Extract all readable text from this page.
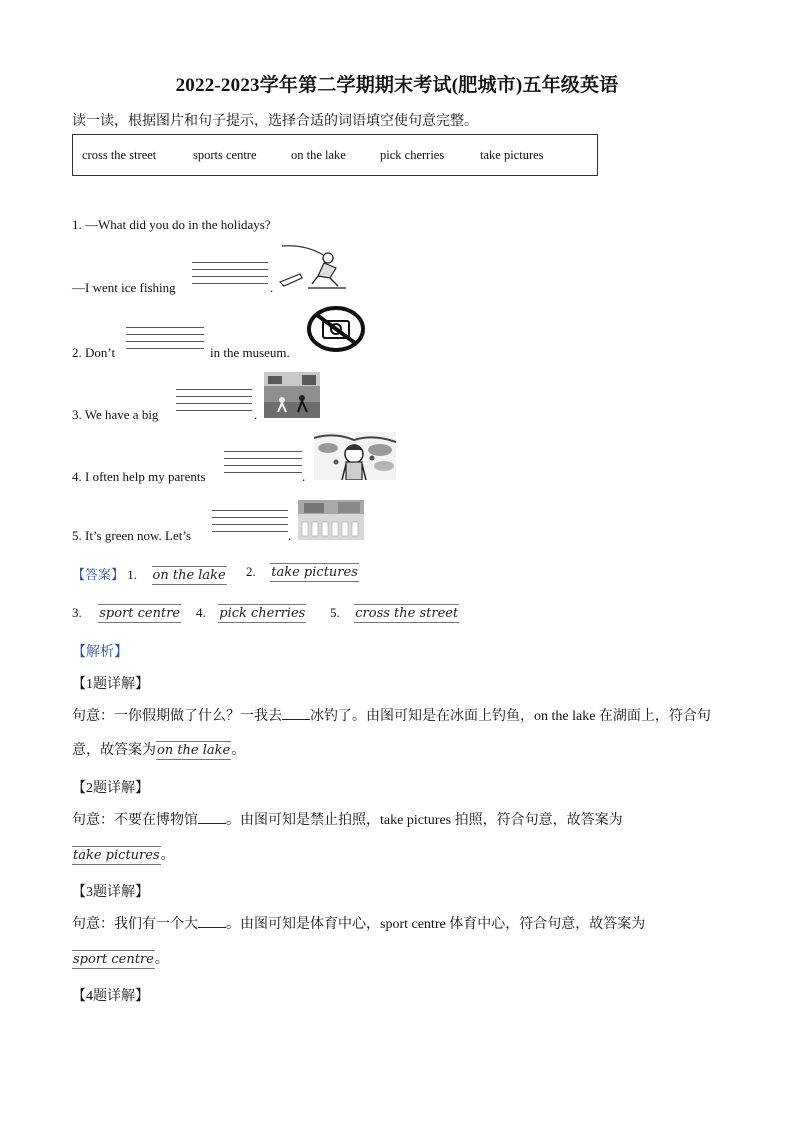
2022-2023学年第二学期期末考试(肥城市)五年级英语
读一读，根据图片和句子提示，选择合适的词语填空使句意完整。
cross the street	sports centre	on the lake	pick cherries	take pictures
1. —What did you do in the holidays?
—I went ice fishing	.
2. Don’t	in the museum.
3. We have a big	.
4. I often help my parents	.
5. It’s green now. Let’s	.
【答案】 1. on the lake 2. take pictures
3. sport centre 4. pick cherries 5. cross the street
【解析】
【1题详解】
句意：一你假期做了什么？一我去 冰钓了。由图可知是在冰面上钓鱼，on the lake 在湖面上，符合句
意，故答案为on the lake。
【2题详解】
句意：不要在博物馆 。由图可知是禁止拍照，take pictures 拍照，符合句意，故答案为
take pictures。
【3题详解】
句意：我们有一个大 。由图可知是体育中心，sport centre 体育中心，符合句意，故答案为
sport centre。
【4题详解】
